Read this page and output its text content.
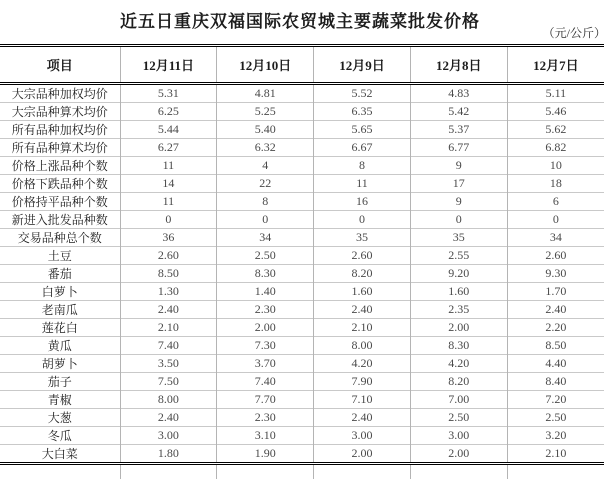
近五日重庆双福国际农贸城主要蔬菜批发价格
（元/公斤）
项目	12月11日	12月10日	12月9日	12月8日	12月7日
大宗品种加权均价	5.31	4.81	5.52	4.83	5.11
大宗品种算术均价	6.25	5.25	6.35	5.42	5.46
所有品种加权均价	5.44	5.40	5.65	5.37	5.62
所有品种算术均价	6.27	6.32	6.67	6.77	6.82
价格上涨品种个数	11	4	8	9	10
价格下跌品种个数	14	22	11	17	18
价格持平品种个数	11	8	16	9	6
新进入批发品种数	0	0	0	0	0
交易品种总个数	36	34	35	35	34
土豆	2.60	2.50	2.60	2.55	2.60
番茄	8.50	8.30	8.20	9.20	9.30
白萝卜	1.30	1.40	1.60	1.60	1.70
老南瓜	2.40	2.30	2.40	2.35	2.40
莲花白	2.10	2.00	2.10	2.00	2.20
黄瓜	7.40	7.30	8.00	8.30	8.50
胡萝卜	3.50	3.70	4.20	4.20	4.40
茄子	7.50	7.40	7.90	8.20	8.40
青椒	8.00	7.70	7.10	7.00	7.20
大葱	2.40	2.30	2.40	2.50	2.50
冬瓜	3.00	3.10	3.00	3.00	3.20
大白菜	1.80	1.90	2.00	2.00	2.10
